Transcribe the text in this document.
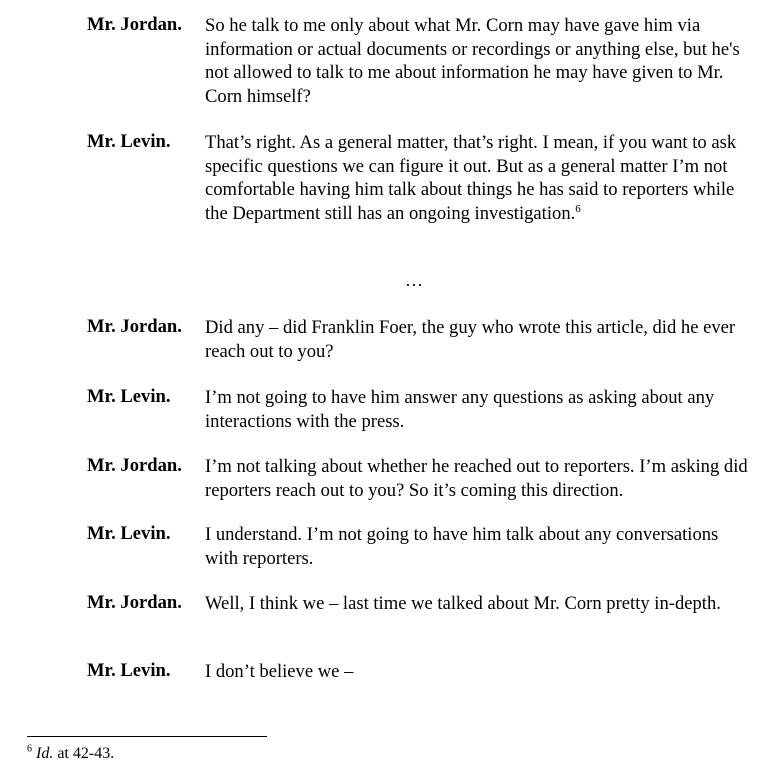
Mr. Jordan. So he talk to me only about what Mr. Corn may have gave him via information or actual documents or recordings or anything else, but he's not allowed to talk to me about information he may have given to Mr. Corn himself?
Mr. Levin. That’s right. As a general matter, that’s right. I mean, if you want to ask specific questions we can figure it out. But as a general matter I’m not comfortable having him talk about things he has said to reporters while the Department still has an ongoing investigation.$^6$
…
Mr. Jordan. Did any – did Franklin Foer, the guy who wrote this article, did he ever reach out to you?
Mr. Levin. I’m not going to have him answer any questions as asking about any interactions with the press.
Mr. Jordan. I’m not talking about whether he reached out to reporters. I’m asking did reporters reach out to you? So it’s coming this direction.
Mr. Levin. I understand. I’m not going to have him talk about any conversations with reporters.
Mr. Jordan. Well, I think we – last time we talked about Mr. Corn pretty in-depth.
Mr. Levin. I don’t believe we –
$^6$ Id. at 42-43.
